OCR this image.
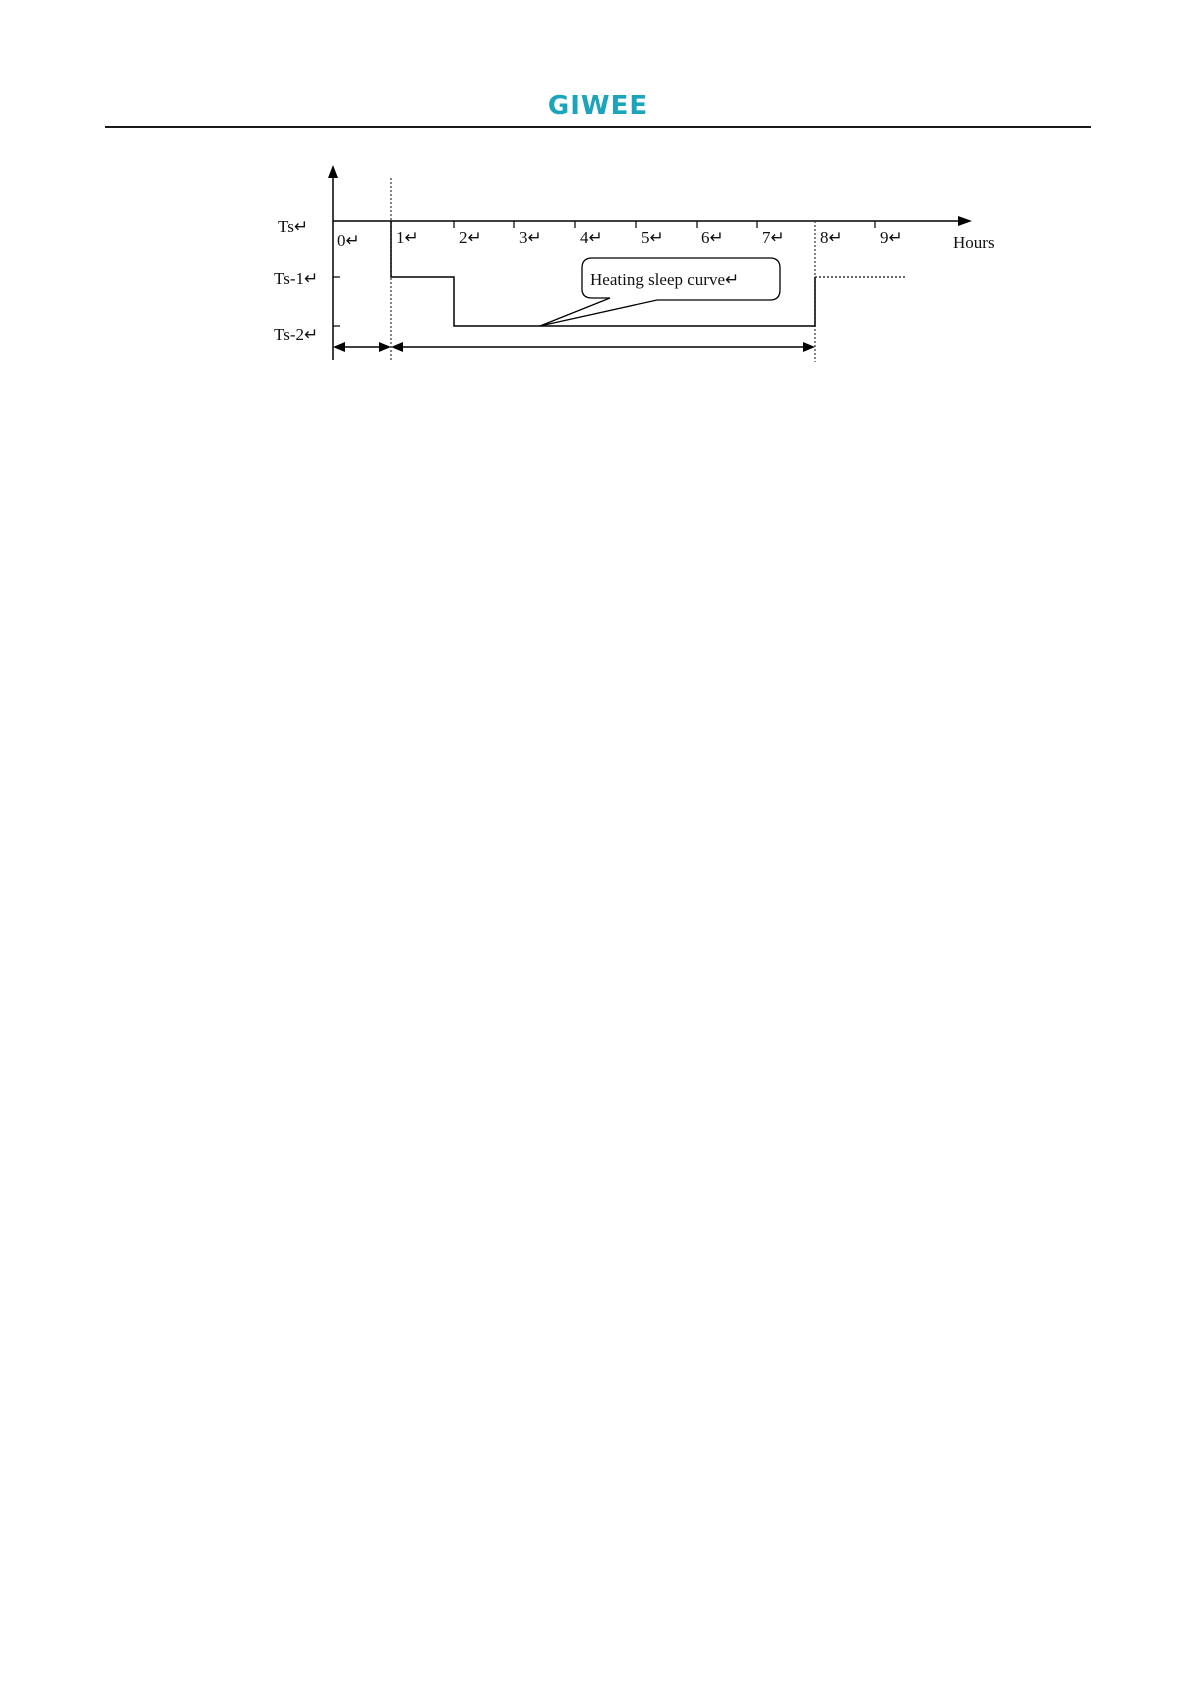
GIWEE
Ts↵
Ts-1↵
Ts-2↵
0↵ 1↵ 2↵ 3↵ 4↵ 5↵ 6↵ 7↵ 8↵ 9↵	Hours
Heating sleep curve↵
